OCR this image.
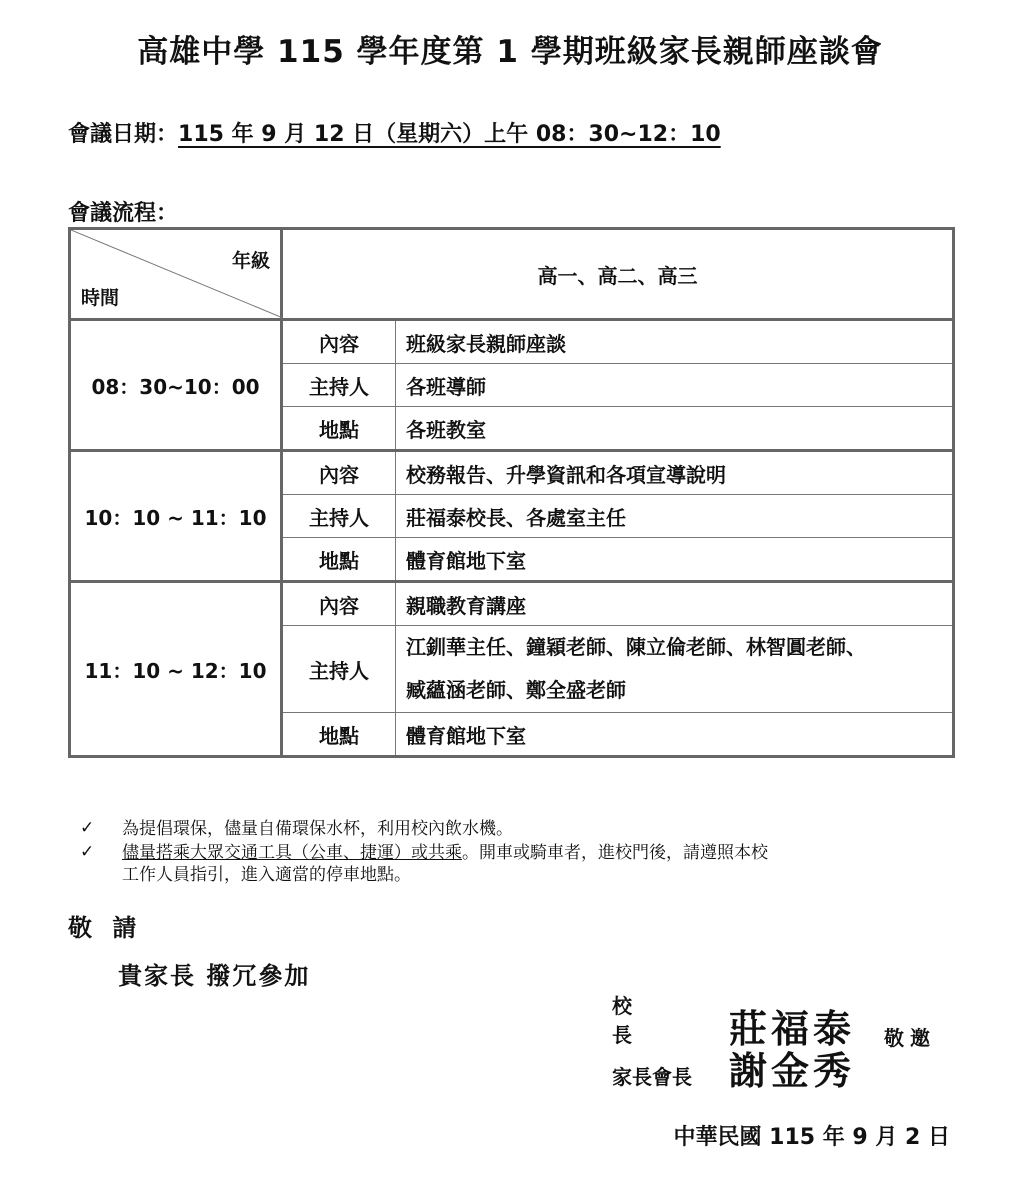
高雄中學 115 學年度第 1 學期班級家長親師座談會
會議日期：115 年 9 月 12 日（星期六）上午 08：30~12：10
會議流程：
年級
時間	高一、高二、高三	
08：30~10：00	內容	班級家長親師座談
	主持人	各班導師
	地點	各班教室
10：10 ~ 11：10	內容	校務報告、升學資訊和各項宣導說明
	主持人	莊福泰校長、各處室主任
	地點	體育館地下室
11：10 ~ 12：10	內容	親職教育講座
	主持人	江釧華主任、鐘穎老師、陳立倫老師、林智圓老師、
臧蘊涵老師、鄭全盛老師

	地點	體育館地下室
✓	為提倡環保，儘量自備環保水杯，利用校內飲水機。
✓	儘量搭乘大眾交通工具（公車、捷運）或共乘。開車或騎車者，進校門後，請遵照本校
工作人員指引，進入適當的停車地點。
敬 請
貴家長 撥冗參加
校長 莊福泰
家長會長 謝金秀
敬邀
中華民國 115 年 9 月 2 日
